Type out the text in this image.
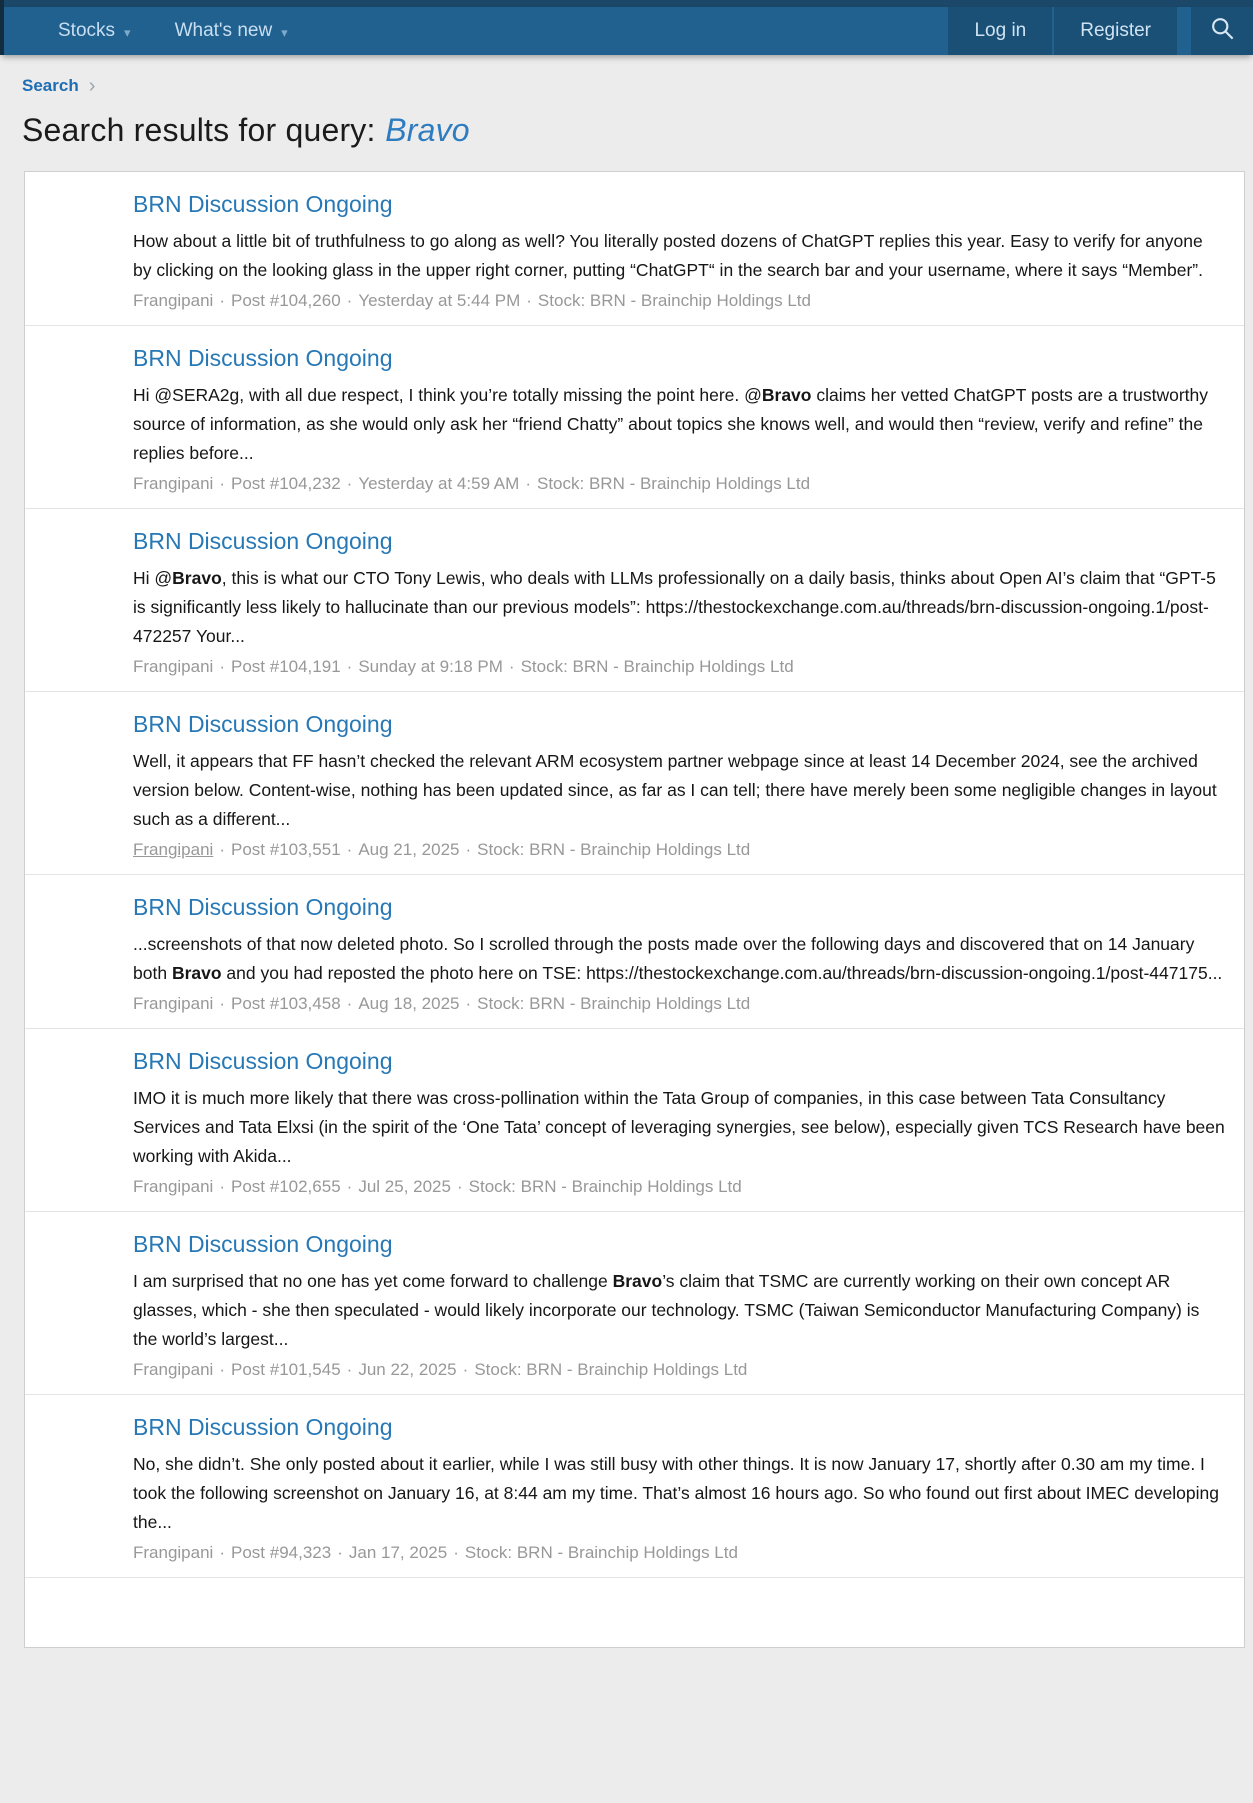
Stocks ▾ What's new ▾	Log in	Register
Search ›
Search results for query: Bravo
BRN Discussion Ongoing
How about a little bit of truthfulness to go along as well? You literally posted dozens of ChatGPT replies this year. Easy to verify for anyone by clicking on the looking glass in the upper right corner, putting “ChatGPT“ in the search bar and your username, where it says “Member”.
Frangipani · Post #104,260 · Yesterday at 5:44 PM · Stock: BRN - Brainchip Holdings Ltd
BRN Discussion Ongoing
Hi @SERA2g, with all due respect, I think you’re totally missing the point here. @Bravo claims her vetted ChatGPT posts are a trustworthy source of information, as she would only ask her “friend Chatty” about topics she knows well, and would then “review, verify and refine” the replies before...
Frangipani · Post #104,232 · Yesterday at 4:59 AM · Stock: BRN - Brainchip Holdings Ltd
BRN Discussion Ongoing
Hi @Bravo, this is what our CTO Tony Lewis, who deals with LLMs professionally on a daily basis, thinks about Open AI’s claim that “GPT-5 is significantly less likely to hallucinate than our previous models”: https://thestockexchange.com.au/threads/brn-discussion-ongoing.1/post-472257 Your...
Frangipani · Post #104,191 · Sunday at 9:18 PM · Stock: BRN - Brainchip Holdings Ltd
BRN Discussion Ongoing
Well, it appears that FF hasn’t checked the relevant ARM ecosystem partner webpage since at least 14 December 2024, see the archived version below. Content-wise, nothing has been updated since, as far as I can tell; there have merely been some negligible changes in layout such as a different...
Frangipani · Post #103,551 · Aug 21, 2025 · Stock: BRN - Brainchip Holdings Ltd
BRN Discussion Ongoing
...screenshots of that now deleted photo. So I scrolled through the posts made over the following days and discovered that on 14 January both Bravo and you had reposted the photo here on TSE: https://thestockexchange.com.au/threads/brn-discussion-ongoing.1/post-447175...
Frangipani · Post #103,458 · Aug 18, 2025 · Stock: BRN - Brainchip Holdings Ltd
BRN Discussion Ongoing
IMO it is much more likely that there was cross-pollination within the Tata Group of companies, in this case between Tata Consultancy Services and Tata Elxsi (in the spirit of the ‘One Tata’ concept of leveraging synergies, see below), especially given TCS Research have been working with Akida...
Frangipani · Post #102,655 · Jul 25, 2025 · Stock: BRN - Brainchip Holdings Ltd
BRN Discussion Ongoing
I am surprised that no one has yet come forward to challenge Bravo’s claim that TSMC are currently working on their own concept AR glasses, which - she then speculated - would likely incorporate our technology. TSMC (Taiwan Semiconductor Manufacturing Company) is the world’s largest...
Frangipani · Post #101,545 · Jun 22, 2025 · Stock: BRN - Brainchip Holdings Ltd
BRN Discussion Ongoing
No, she didn’t. She only posted about it earlier, while I was still busy with other things. It is now January 17, shortly after 0.30 am my time. I took the following screenshot on January 16, at 8:44 am my time. That’s almost 16 hours ago. So who found out first about IMEC developing the...
Frangipani · Post #94,323 · Jan 17, 2025 · Stock: BRN - Brainchip Holdings Ltd
